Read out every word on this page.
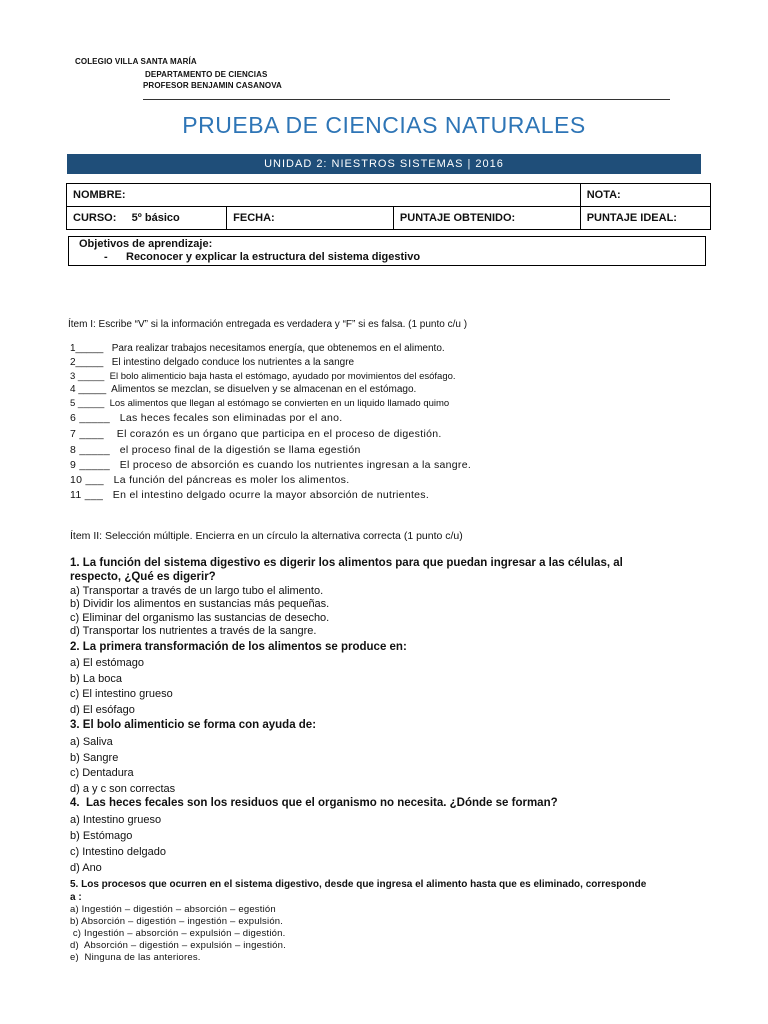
COLEGIO VILLA SANTA MARÍA
DEPARTAMENTO DE CIENCIAS
PROFESOR BENJAMIN CASANOVA
PRUEBA DE CIENCIAS NATURALES
UNIDAD 2: NIESTROS SISTEMAS | 2016
NOMBRE:			NOTA:
CURSO: 5º básico	FECHA:	PUNTAJE OBTENIDO:	PUNTAJE IDEAL:
Objetivos de aprendizaje:
-      Reconocer y explicar la estructura del sistema digestivo
Ítem I: Escribe “V” si la información entregada es verdadera y “F” si es falsa. (1 punto c/u )
1_____   Para realizar trabajos necesitamos energía, que obtenemos en el alimento.
2_____   El intestino delgado conduce los nutrientes a la sangre
3 _____  El bolo alimenticio baja hasta el estómago, ayudado por movimientos del esófago.
4 _____  Alimentos se mezclan, se disuelven y se almacenan en el estómago.
5 _____  Los alimentos que llegan al estómago se convierten en un liquido llamado quimo
6 _____   Las heces fecales son eliminadas por el ano.
7 ____    El corazón es un órgano que participa en el proceso de digestión.
8 _____   el proceso final de la digestión se llama egestión
9 _____   El proceso de absorción es cuando los nutrientes ingresan a la sangre.
10 ___   La función del páncreas es moler los alimentos.
11 ___   En el intestino delgado ocurre la mayor absorción de nutrientes.
Ítem II: Selección múltiple. Encierra en un círculo la alternativa correcta (1 punto c/u)
1. La función del sistema digestivo es digerir los alimentos para que puedan ingresar a las células, al
respecto, ¿Qué es digerir?
a) Transportar a través de un largo tubo el alimento.
b) Dividir los alimentos en sustancias más pequeñas.
c) Eliminar del organismo las sustancias de desecho.
d) Transportar los nutrientes a través de la sangre.
2. La primera transformación de los alimentos se produce en:
a) El estómago
b) La boca
c) El intestino grueso
d) El esófago
3. El bolo alimenticio se forma con ayuda de:
a) Saliva
b) Sangre
c) Dentadura
d) a y c son correctas
4.  Las heces fecales son los residuos que el organismo no necesita. ¿Dónde se forman?
a) Intestino grueso
b) Estómago
c) Intestino delgado
d) Ano
5. Los procesos que ocurren en el sistema digestivo, desde que ingresa el alimento hasta que es eliminado, corresponde
a :
a) Ingestión – digestión – absorción – egestión
b) Absorción – digestión – ingestión – expulsión.
c) Ingestión – absorción – expulsión – digestión.
d)  Absorción – digestión – expulsión – ingestión.
e)  Ninguna de las anteriores.
